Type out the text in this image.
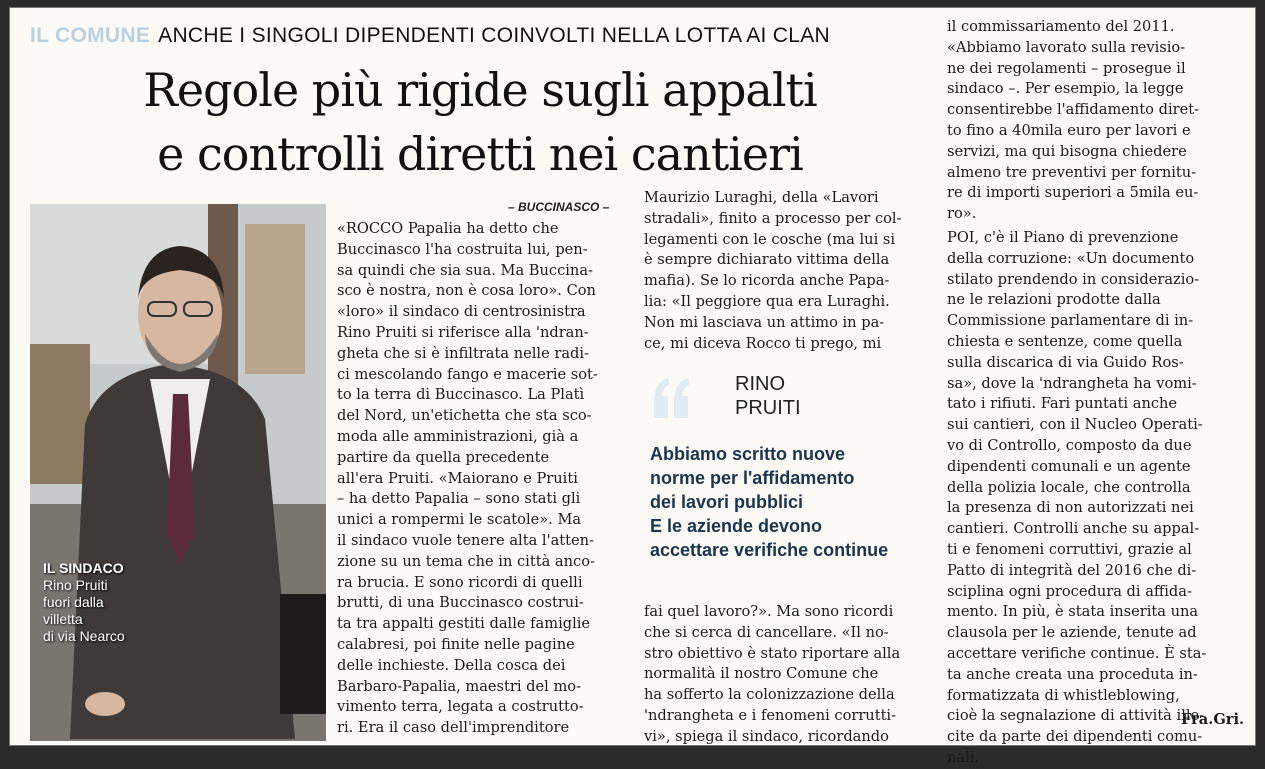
IL COMUNE ANCHE I SINGOLI DIPENDENTI COINVOLTI NELLA LOTTA AI CLAN
Regole più rigide sugli appalti
e controlli diretti nei cantieri
– BUCCINASCO –
IL SINDACO
Rino Pruiti
fuori dalla
villetta
di via Nearco
«ROCCO Papalia ha detto che
Buccinasco l'ha costruita lui, pen-
sa quindi che sia sua. Ma Buccina-
sco è nostra, non è cosa loro». Con
«loro» il sindaco di centrosinistra
Rino Pruiti si riferisce alla 'ndran-
gheta che si è infiltrata nelle radi-
ci mescolando fango e macerie sot-
to la terra di Buccinasco. La Platì
del Nord, un'etichetta che sta sco-
moda alle amministrazioni, già a
partire da quella precedente
all'era Pruiti. «Maiorano e Pruiti
– ha detto Papalia – sono stati gli
unici a rompermi le scatole». Ma
il sindaco vuole tenere alta l'atten-
zione su un tema che in città anco-
ra brucia. E sono ricordi di quelli
brutti, di una Buccinasco costrui-
ta tra appalti gestiti dalle famiglie
calabresi, poi finite nelle pagine
delle inchieste. Della cosca dei
Barbaro-Papalia, maestri del mo-
vimento terra, legata a costrutto-
ri. Era il caso dell'imprenditore
Maurizio Luraghi, della «Lavori
stradali», finito a processo per col-
legamenti con le cosche (ma lui si
è sempre dichiarato vittima della
mafia). Se lo ricorda anche Papa-
lia: «Il peggiore qua era Luraghi.
Non mi lasciava un attimo in pa-
ce, mi diceva Rocco ti prego, mi
RINO
PRUITI
Abbiamo scritto nuove
norme per l'affidamento
dei lavori pubblici
E le aziende devono
accettare verifiche continue
fai quel lavoro?». Ma sono ricordi
che si cerca di cancellare. «Il no-
stro obiettivo è stato riportare alla
normalità il nostro Comune che
ha sofferto la colonizzazione della
'ndrangheta e i fenomeni corrutti-
vi», spiega il sindaco, ricordando
il commissariamento del 2011.
«Abbiamo lavorato sulla revisio-
ne dei regolamenti – prosegue il
sindaco –. Per esempio, la legge
consentirebbe l'affidamento diret-
to fino a 40mila euro per lavori e
servizi, ma qui bisogna chiedere
almeno tre preventivi per fornitu-
re di importi superiori a 5mila eu-
ro».
POI, c'è il Piano di prevenzione
della corruzione: «Un documento
stilato prendendo in considerazio-
ne le relazioni prodotte dalla
Commissione parlamentare di in-
chiesta e sentenze, come quella
sulla discarica di via Guido Ros-
sa», dove la 'ndrangheta ha vomi-
tato i rifiuti. Fari puntati anche
sui cantieri, con il Nucleo Operati-
vo di Controllo, composto da due
dipendenti comunali e un agente
della polizia locale, che controlla
la presenza di non autorizzati nei
cantieri. Controlli anche su appal-
ti e fenomeni corruttivi, grazie al
Patto di integrità del 2016 che di-
sciplina ogni procedura di affida-
mento. In più, è stata inserita una
clausola per le aziende, tenute ad
accettare verifiche continue. È sta-
ta anche creata una proceduta in-
formatizzata di whistleblowing,
cioè la segnalazione di attività ille-
cite da parte dei dipendenti comu-
nali.
Fra.Gri.
